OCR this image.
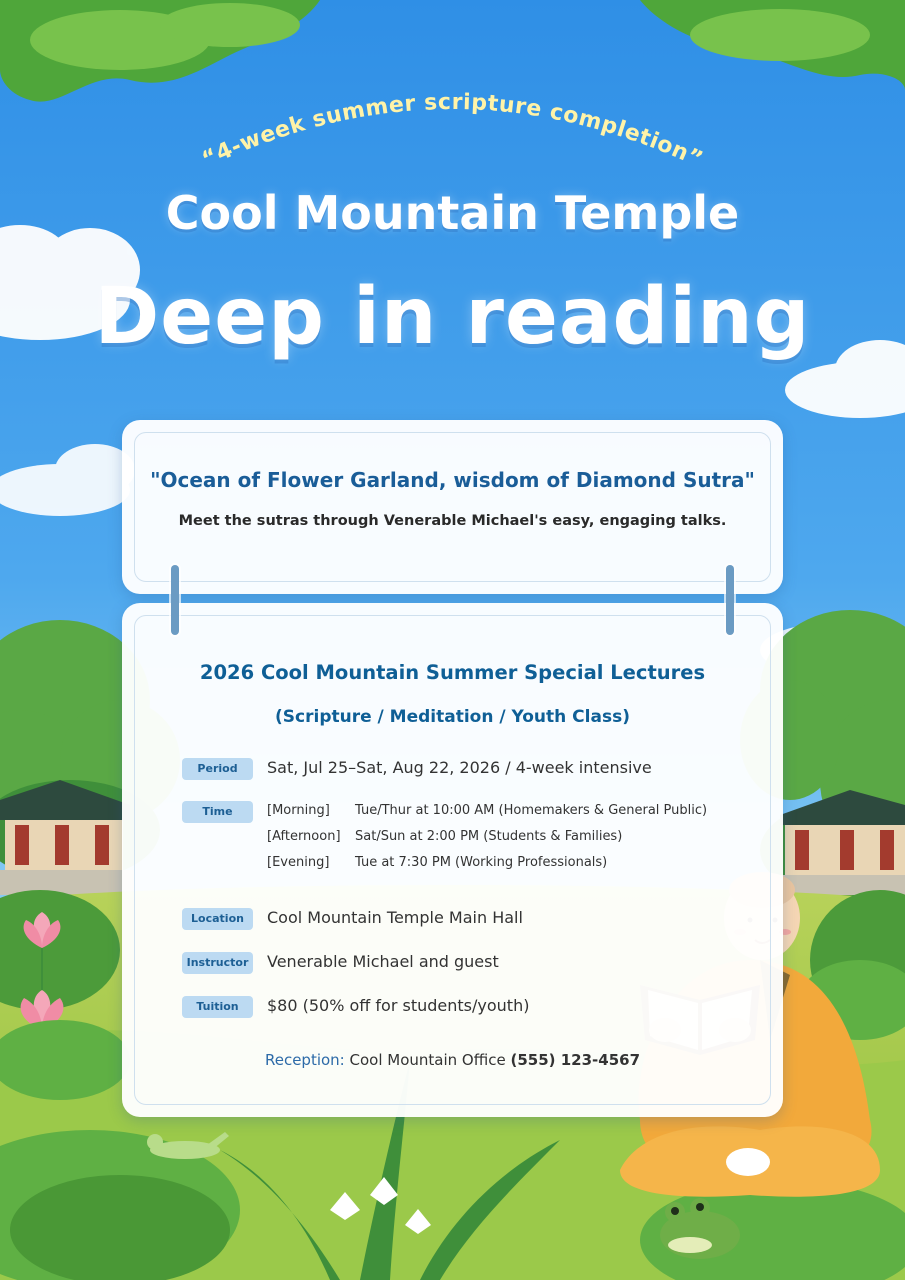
“4-week summer scripture completion”
Cool Mountain Temple
Deep in reading
"Ocean of Flower Garland, wisdom of Diamond Sutra"
Meet the sutras through Venerable Michael's easy, engaging talks.
2026 Cool Mountain Summer Special Lectures
(Scripture / Meditation / Youth Class)
Period	Sat, Jul 25–Sat, Aug 22, 2026 / 4-week intensive
Time	[Morning] Tue/Thur at 10:00 AM (Homemakers & General Public)
[Afternoon] Sat/Sun at 2:00 PM (Students & Families)
[Evening] Tue at 7:30 PM (Working Professionals)
Location	Cool Mountain Temple Main Hall
Instructor Venerable Michael and guest
Tuition	$80 (50% off for students/youth)
Reception: Cool Mountain Office (555) 123-4567
